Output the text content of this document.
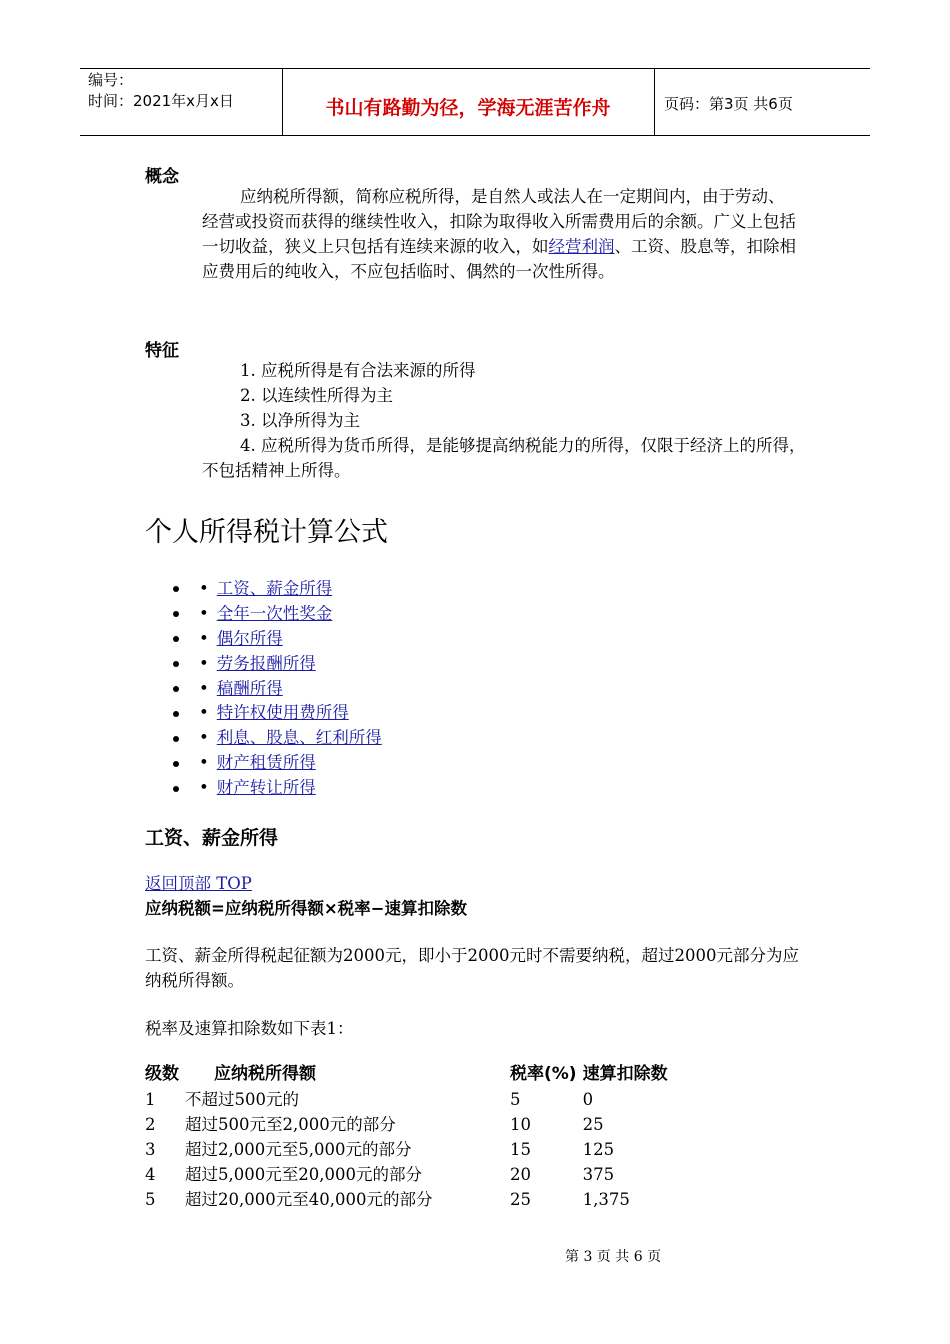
编号：
时间：2021年x月x日	书山有路勤为径，学海无涯苦作舟	页码：第3页 共6页
概念

应纳税所得额，简称应税所得，是自然人或法人在一定期间内，由于劳动、经营或投资而获得的继续性收入，扣除为取得收入所需费用后的余额。广义上包括一切收益，狭义上只包括有连续来源的收入，如经营利润、工资、股息等，扣除相应费用后的纯收入，不应包括临时、偶然的一次性所得。

特征
1. 应税所得是有合法来源的所得
2. 以连续性所得为主
3. 以净所得为主
4. 应税所得为货币所得，是能够提高纳税能力的所得，仅限于经济上的所得，不包括精神上所得。
个人所得税计算公式
• 工资、薪金所得
• 全年一次性奖金
• 偶尔所得
• 劳务报酬所得
• 稿酬所得
• 特许权使用费所得
• 利息、股息、红利所得
• 财产租赁所得
• 财产转让所得
工资、薪金所得
返回顶部 TOP
应纳税额=应纳税所得额×税率−速算扣除数
工资、薪金所得税起征额为2000元，即小于2000元时不需要纳税，超过2000元部分为应纳税所得额。
税率及速算扣除数如下表1：
级数	应纳税所得额	税率(%)	速算扣除数
1	不超过500元的	5	0
2	超过500元至2,000元的部分	10	25
3	超过2,000元至5,000元的部分	15	125
4	超过5,000元至20,000元的部分	20	375
5	超过20,000元至40,000元的部分	25	1,375
第 3 页 共 6 页
